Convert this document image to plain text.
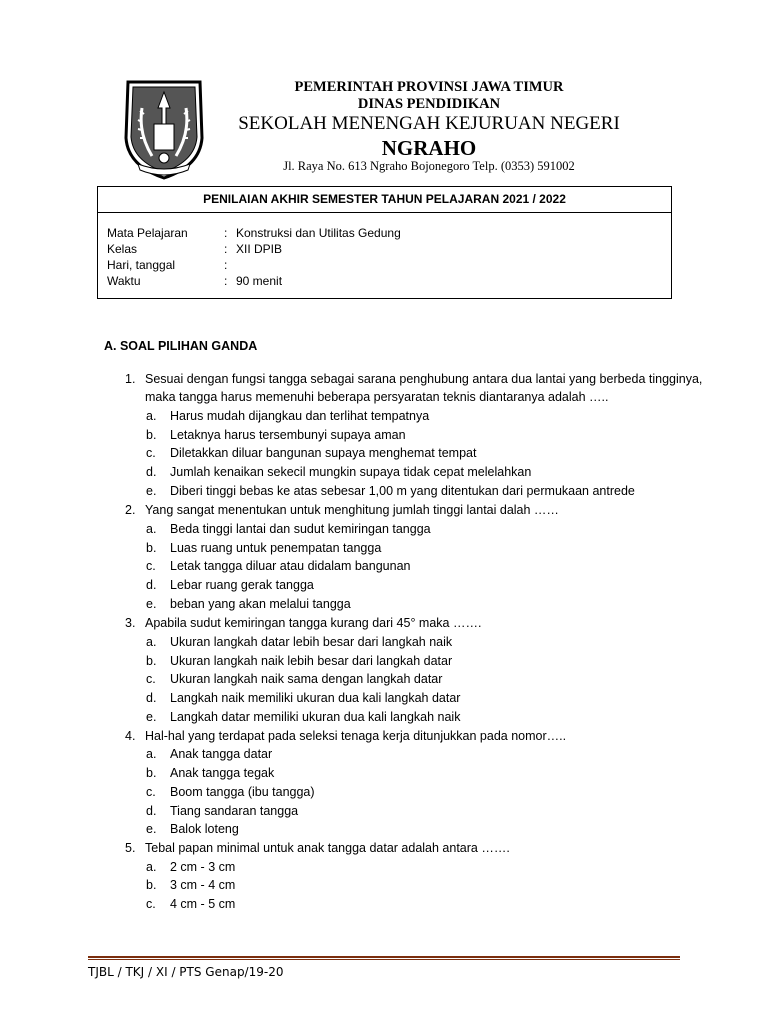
PEMERINTAH PROVINSI JAWA TIMUR
DINAS PENDIDIKAN
SEKOLAH MENENGAH KEJURUAN NEGERI
NGRAHO
Jl. Raya No. 613 Ngraho Bojonegoro Telp. (0353) 591002
PENILAIAN AKHIR SEMESTER TAHUN PELAJARAN 2021 / 2022
Mata Pelajaran	: Konstruksi dan Utilitas Gedung
Kelas	: XII DPIB
Hari, tanggal	:
Waktu	: 90 menit
A. SOAL PILIHAN GANDA
1. Sesuai dengan fungsi tangga sebagai sarana penghubung antara dua lantai yang berbeda tingginya,
maka tangga harus memenuhi beberapa persyaratan teknis diantaranya adalah …..
a. Harus mudah dijangkau dan terlihat tempatnya
b. Letaknya harus tersembunyi supaya aman
c. Diletakkan diluar bangunan supaya menghemat tempat
d. Jumlah kenaikan sekecil mungkin supaya tidak cepat melelahkan
e. Diberi tinggi bebas ke atas sebesar 1,00 m yang ditentukan dari permukaan antrede
2. Yang sangat menentukan untuk menghitung jumlah tinggi lantai dalah ……
a. Beda tinggi lantai dan sudut kemiringan tangga
b. Luas ruang untuk penempatan tangga
c. Letak tangga diluar atau didalam bangunan
d. Lebar ruang gerak tangga
e. beban yang akan melalui tangga
3. Apabila sudut kemiringan tangga kurang dari 45° maka …….
a. Ukuran langkah datar lebih besar dari langkah naik
b. Ukuran langkah naik lebih besar dari langkah datar
c. Ukuran langkah naik sama dengan langkah datar
d. Langkah naik memiliki ukuran dua kali langkah datar
e. Langkah datar memiliki ukuran dua kali langkah naik
4. Hal-hal yang terdapat pada seleksi tenaga kerja ditunjukkan pada nomor…..
a. Anak tangga datar
b. Anak tangga tegak
c. Boom tangga (ibu tangga)
d. Tiang sandaran tangga
e. Balok loteng
5. Tebal papan minimal untuk anak tangga datar adalah antara …….
a. 2 cm - 3 cm
b. 3 cm - 4 cm
c. 4 cm - 5 cm
TJBL / TKJ / XI / PTS Genap/19-20
